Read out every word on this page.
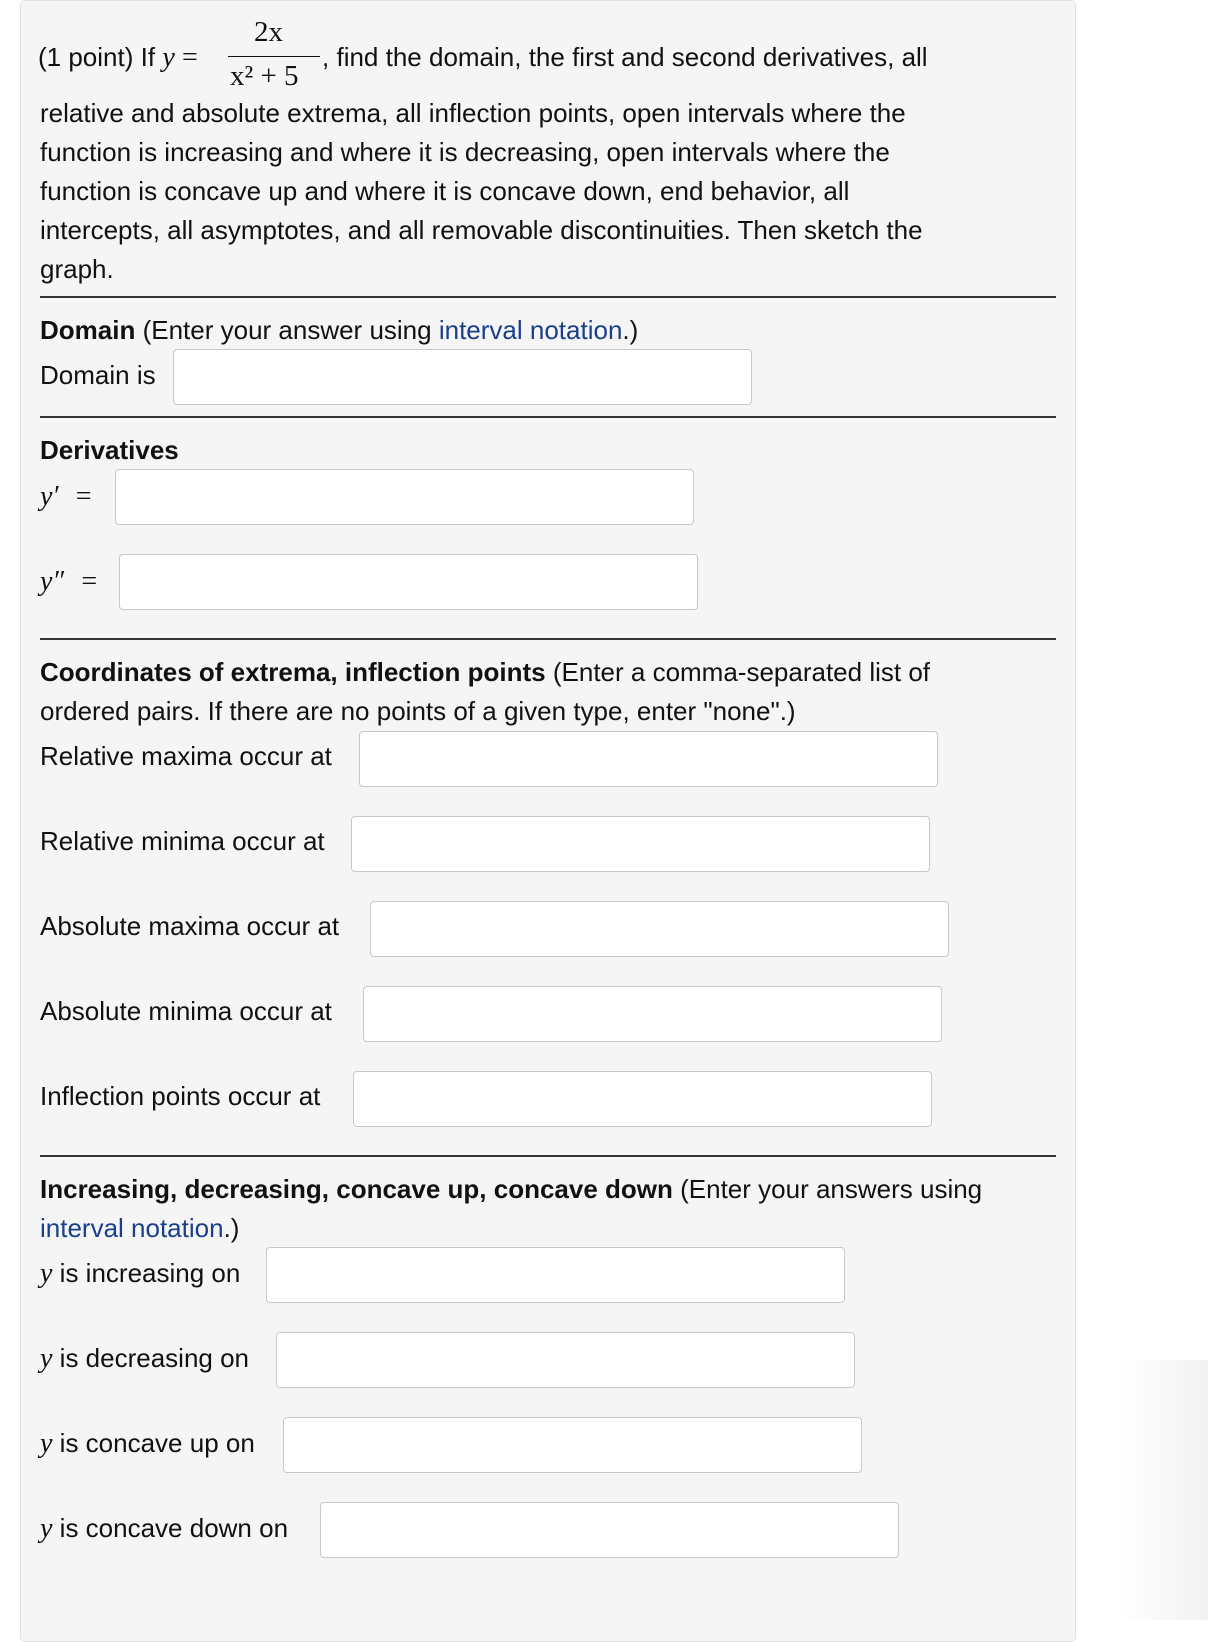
(1 point) If y =
2x
x² + 5
, find the domain, the first and second derivatives, all
relative and absolute extrema, all inflection points, open intervals where the
function is increasing and where it is decreasing, open intervals where the
function is concave up and where it is concave down, end behavior, all
intercepts, all asymptotes, and all removable discontinuities. Then sketch the
graph.
Domain (Enter your answer using interval notation.)
Domain is
Derivatives
y′ =
y″ =
Coordinates of extrema, inflection points (Enter a comma-separated list of
ordered pairs. If there are no points of a given type, enter "none".)
Relative maxima occur at
Relative minima occur at
Absolute maxima occur at
Absolute minima occur at
Inflection points occur at
Increasing, decreasing, concave up, concave down (Enter your answers using
interval notation.)
y is increasing on
y is decreasing on
y is concave up on
y is concave down on
